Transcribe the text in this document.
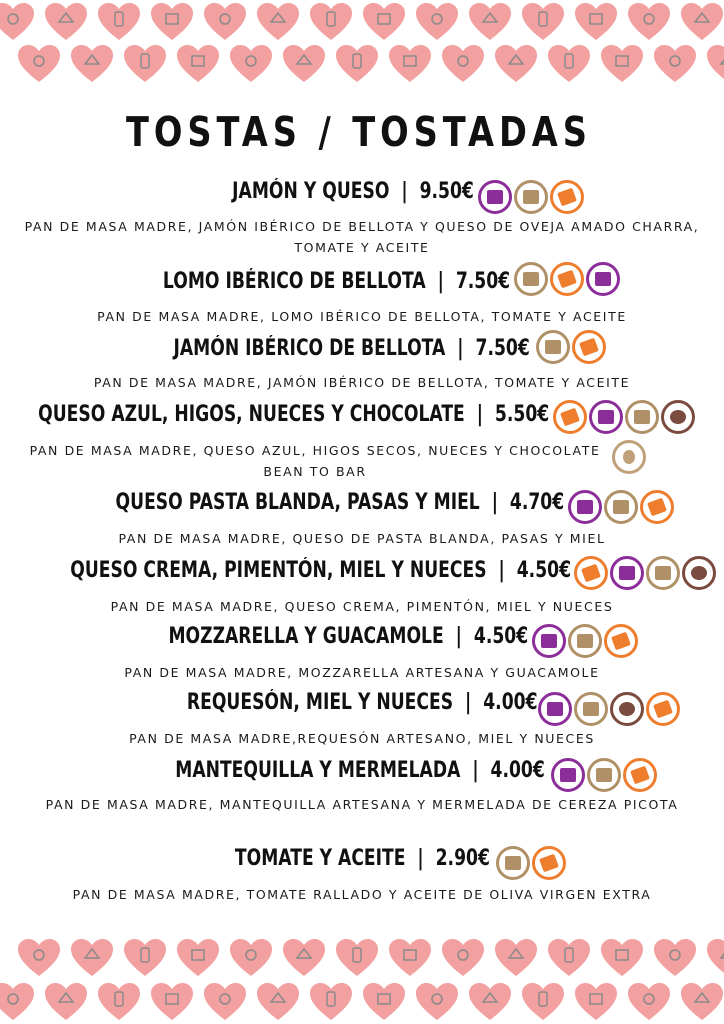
TOSTAS / TOSTADAS
JAMÓN Y QUESO  |  9.50€
PAN DE MASA MADRE, JAMÓN IBÉRICO DE BELLOTA Y QUESO DE OVEJA AMADO CHARRA, TOMATE Y ACEITE
LOMO IBÉRICO DE BELLOTA  |  7.50€
PAN DE MASA MADRE, LOMO IBÉRICO DE BELLOTA, TOMATE Y ACEITE
JAMÓN IBÉRICO DE BELLOTA  |  7.50€
PAN DE MASA MADRE, JAMÓN IBÉRICO DE BELLOTA, TOMATE Y ACEITE
QUESO AZUL, HIGOS, NUECES Y CHOCOLATE  |  5.50€
PAN DE MASA MADRE, QUESO AZUL, HIGOS SECOS, NUECES Y CHOCOLATE BEAN TO BAR
QUESO PASTA BLANDA, PASAS Y MIEL  |  4.70€
PAN DE MASA MADRE, QUESO DE PASTA BLANDA, PASAS Y MIEL
QUESO CREMA, PIMENTÓN, MIEL Y NUECES  |  4.50€
PAN DE MASA MADRE, QUESO CREMA, PIMENTÓN, MIEL Y NUECES
MOZZARELLA Y GUACAMOLE  |  4.50€
PAN DE MASA MADRE, MOZZARELLA ARTESANA Y GUACAMOLE
REQUESÓN, MIEL Y NUECES  |  4.00€
PAN DE MASA MADRE,REQUESÓN ARTESANO, MIEL Y NUECES
MANTEQUILLA Y MERMELADA  |  4.00€
PAN DE MASA MADRE, MANTEQUILLA ARTESANA Y MERMELADA DE CEREZA PICOTA
TOMATE Y ACEITE  |  2.90€
PAN DE MASA MADRE, TOMATE RALLADO Y ACEITE DE OLIVA VIRGEN EXTRA
